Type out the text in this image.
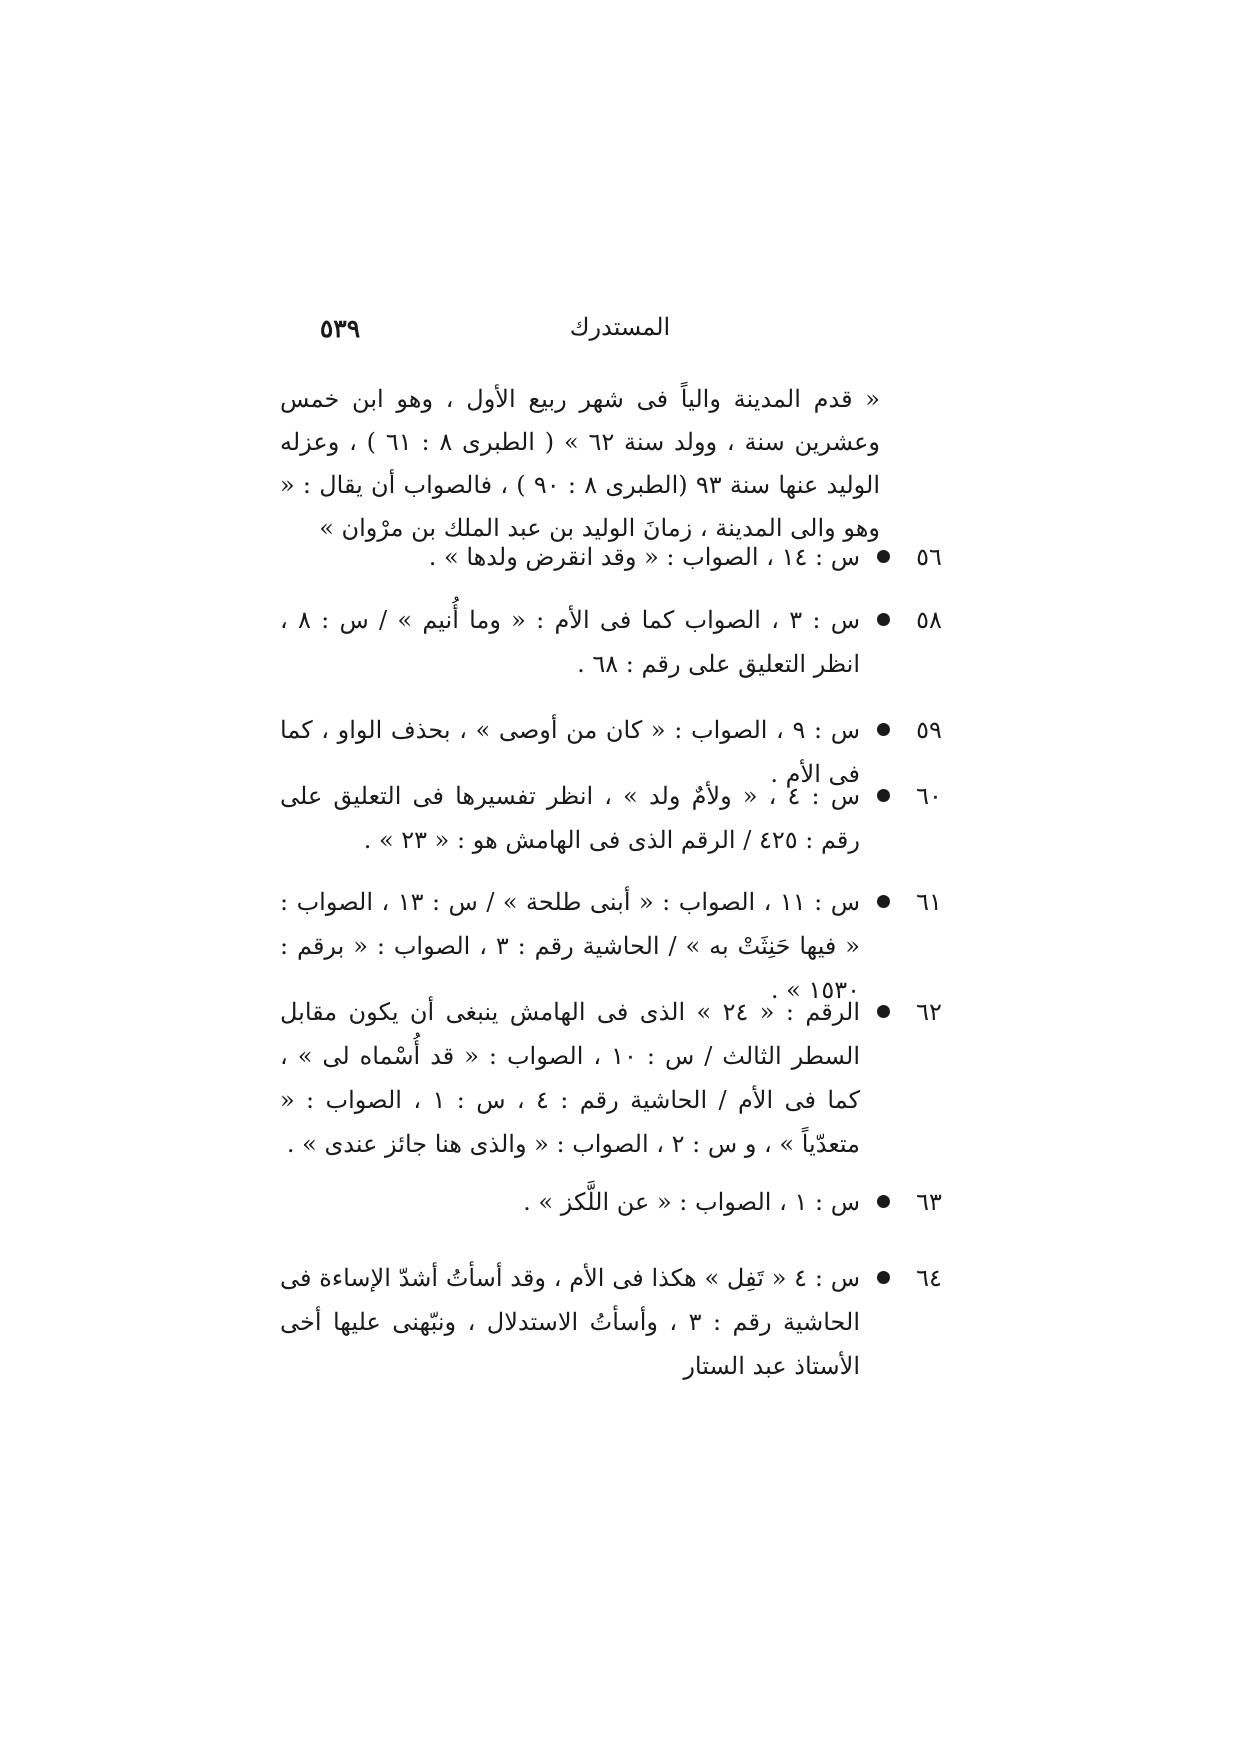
المستدرك
٥٣٩
« قدم المدينة والياً فى شهر ربيع الأول ، وهو ابن خمس وعشرين سنة ، وولد سنة ٦٢ » ( الطبرى ٨ : ٦١ ) ، وعزله الوليد عنها سنة ٩٣ (الطبرى ٨ : ٩٠ ) ، فالصواب أن يقال : « وهو والى المدينة ، زمانَ الوليد بن عبد الملك بن مرْوان »
٥٦
س : ١٤ ، الصواب : « وقد انقرض ولدها » .
٥٨
س : ٣ ، الصواب كما فى الأم : « وما أُنيم » / س : ٨ ، انظر التعليق على رقم : ٦٨ .
٥٩
س : ٩ ، الصواب : « كان من أوصى » ، بحذف الواو ، كما فى الأم .
٦٠
س : ٤ ، « ولأمٌ ولد » ، انظر تفسيرها فى التعليق على رقم : ٤٢٥ / الرقم الذى فى الهامش هو : « ٢٣ » .
٦١
س : ١١ ، الصواب : « أبنى طلحة » / س : ١٣ ، الصواب : « فيها حَنِثَتْ به » / الحاشية رقم : ٣ ، الصواب : « برقم : ١٥٣٠ » .
٦٢
الرقم : « ٢٤ » الذى فى الهامش ينبغى أن يكون مقابل السطر الثالث / س : ١٠ ، الصواب : « قد أُسْماه لى » ، كما فى الأم / الحاشية رقم : ٤ ، س : ١ ، الصواب : « متعدّياً » ، و س : ٢ ، الصواب : « والذى هنا جائز عندى » .
٦٣
س : ١ ، الصواب : « عن اللَّكز » .
٦٤
س : ٤ « تَفِل » هكذا فى الأم ، وقد أسأتُ أشدّ الإساءة فى الحاشية رقم : ٣ ، وأسأتُ الاستدلال ، ونبّهنى عليها أخى الأستاذ عبد الستار
